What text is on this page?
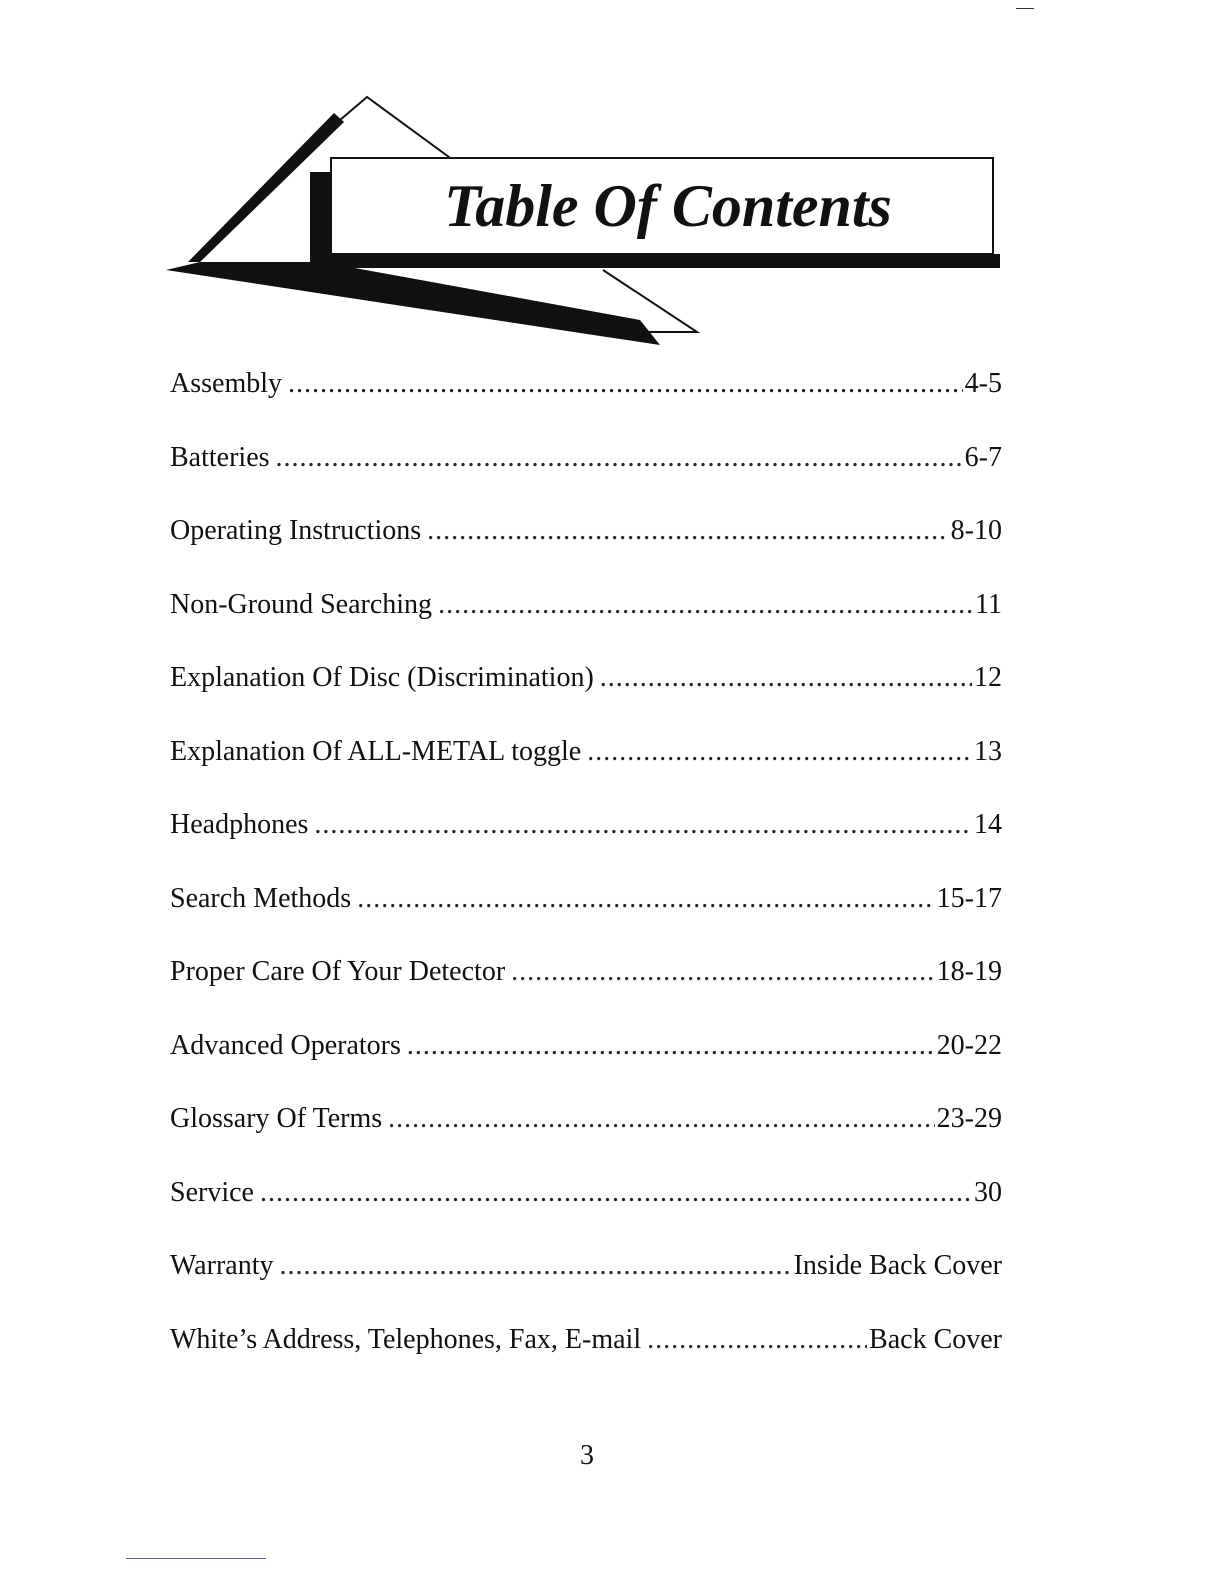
Table Of Contents
Assembly .....	4-5
Batteries .....	6-7
Operating Instructions .....	8-10
Non-Ground Searching .....	11
Explanation Of Disc (Discrimination) .....	12
Explanation Of ALL-METAL toggle .....	13
Headphones .....	14
Search Methods .....	15-17
Proper Care Of Your Detector .....	18-19
Advanced Operators .....	20-22
Glossary Of Terms .....	23-29
Service .....	30
Warranty .....	Inside Back Cover
White’s Address, Telephones, Fax, E-mail .....	Back Cover
3
